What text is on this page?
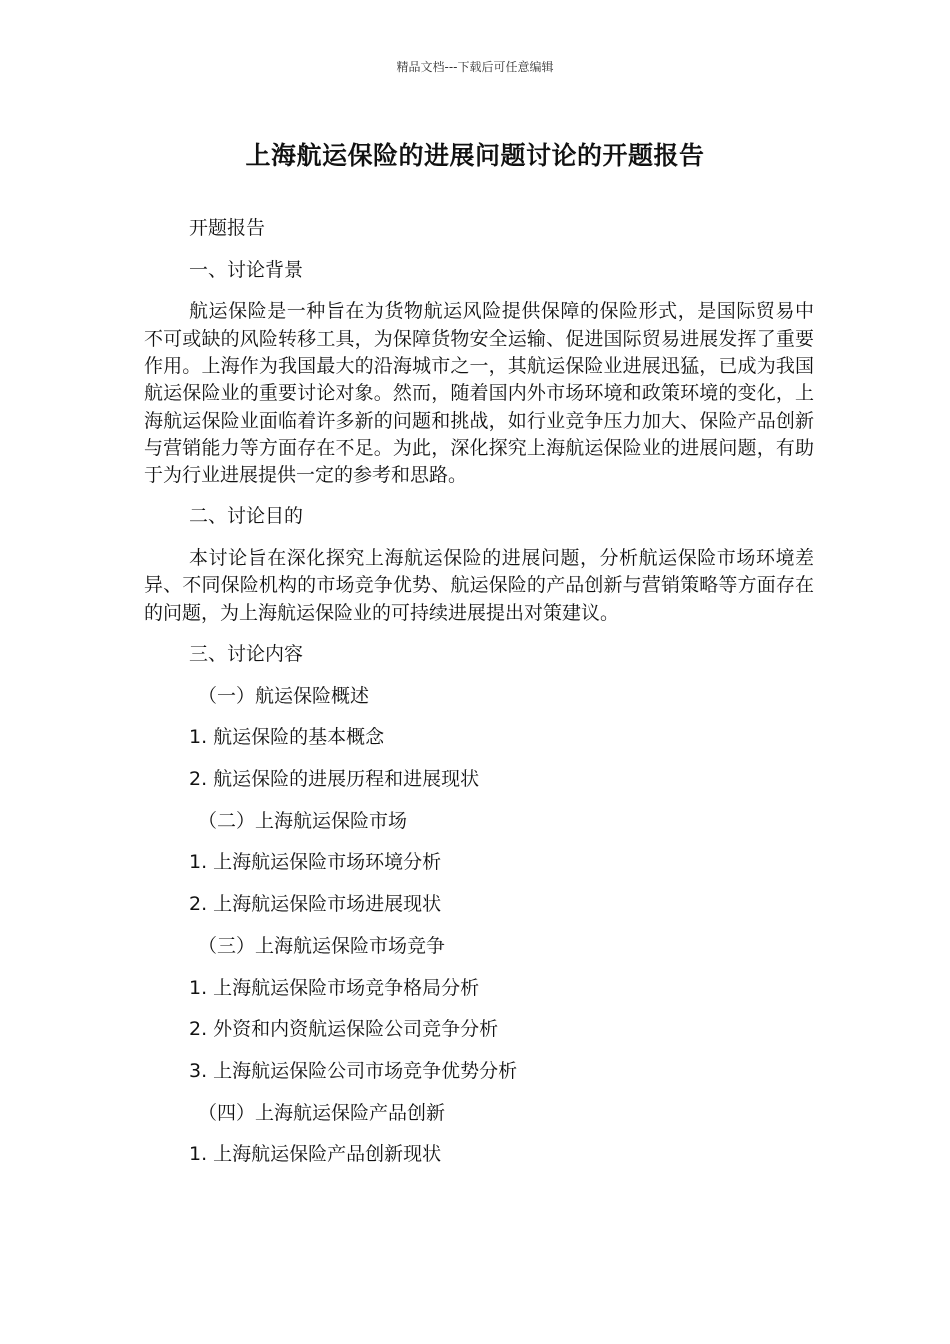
精品文档---下载后可任意编辑
上海航运保险的进展问题讨论的开题报告
开题报告
一、讨论背景
航运保险是一种旨在为货物航运风险提供保障的保险形式，是国际贸易中不可或缺的风险转移工具，为保障货物安全运输、促进国际贸易进展发挥了重要作用。上海作为我国最大的沿海城市之一，其航运保险业进展迅猛，已成为我国航运保险业的重要讨论对象。然而，随着国内外市场环境和政策环境的变化，上海航运保险业面临着许多新的问题和挑战，如行业竞争压力加大、保险产品创新与营销能力等方面存在不足。为此，深化探究上海航运保险业的进展问题，有助于为行业进展提供一定的参考和思路。
二、讨论目的
本讨论旨在深化探究上海航运保险的进展问题，分析航运保险市场环境差异、不同保险机构的市场竞争优势、航运保险的产品创新与营销策略等方面存在的问题，为上海航运保险业的可持续进展提出对策建议。
三、讨论内容
（一）航运保险概述
1. 航运保险的基本概念
2. 航运保险的进展历程和进展现状
（二）上海航运保险市场
1. 上海航运保险市场环境分析
2. 上海航运保险市场进展现状
（三）上海航运保险市场竞争
1. 上海航运保险市场竞争格局分析
2. 外资和内资航运保险公司竞争分析
3. 上海航运保险公司市场竞争优势分析
（四）上海航运保险产品创新
1. 上海航运保险产品创新现状
